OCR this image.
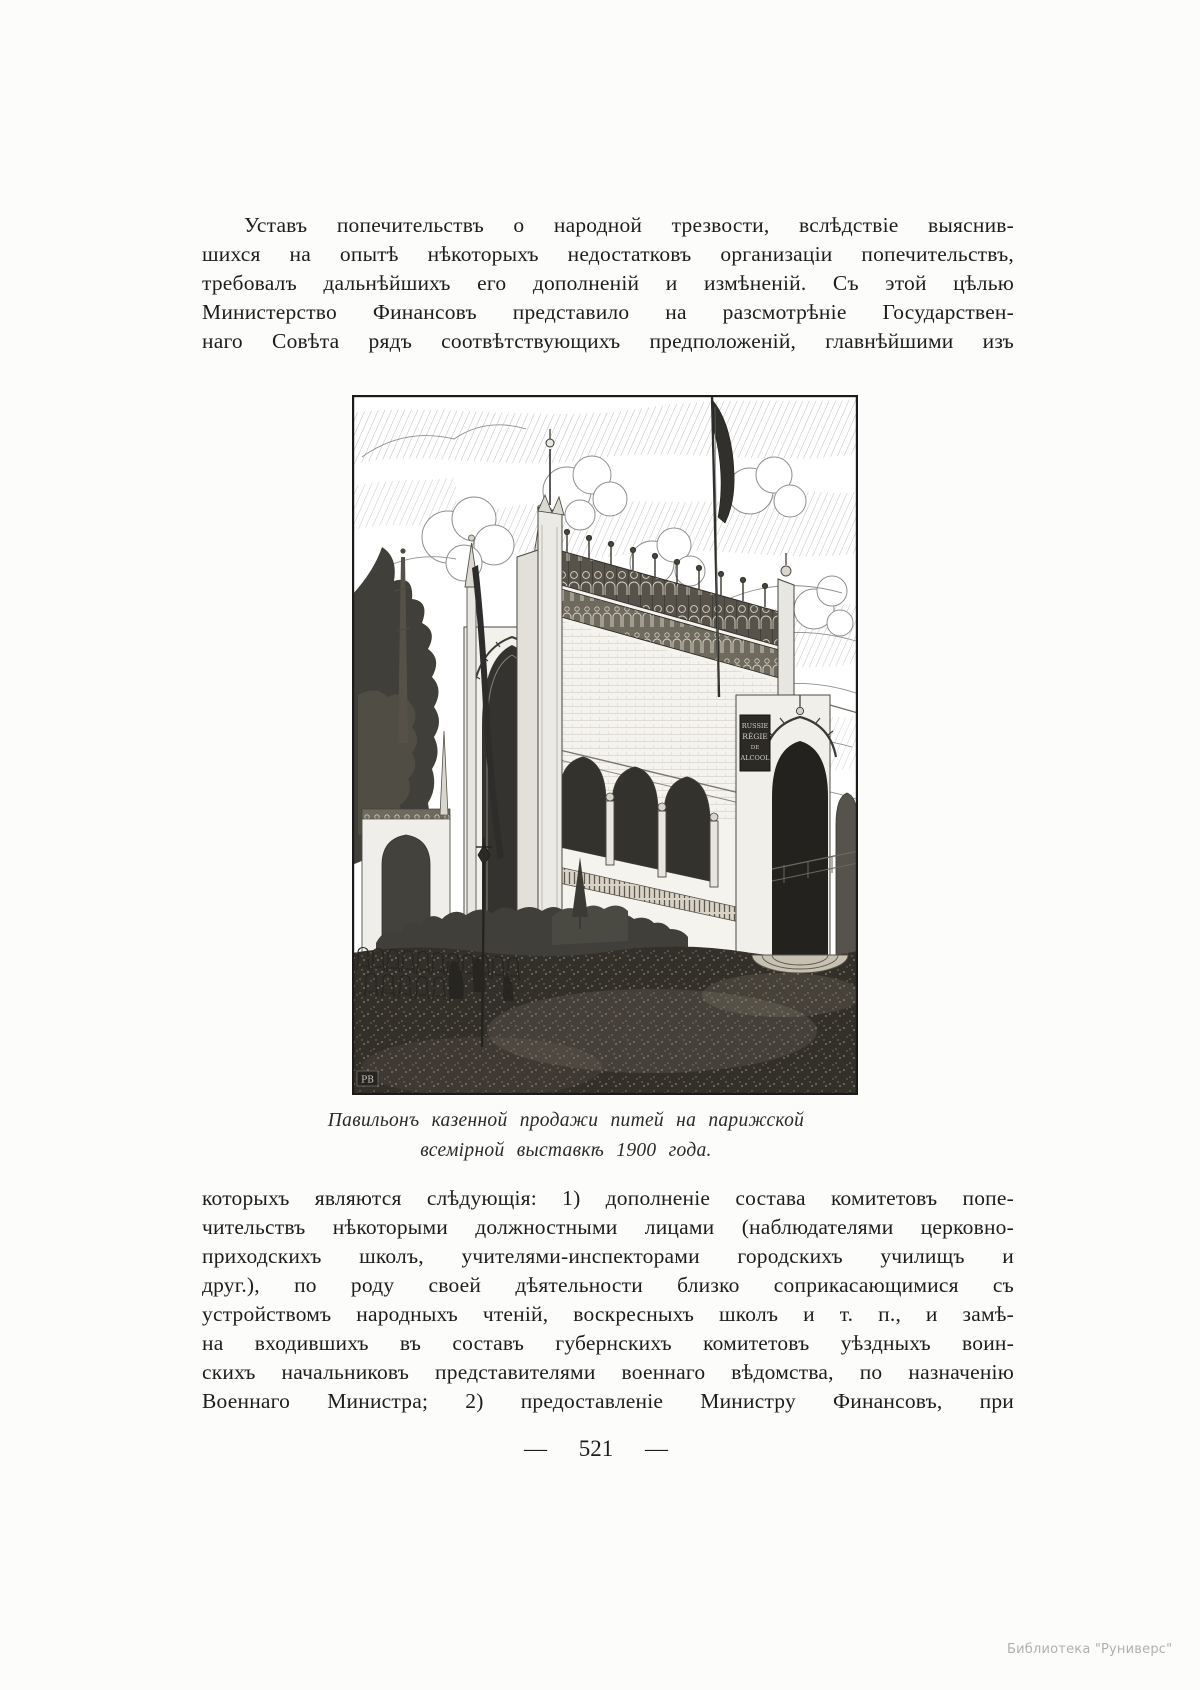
Уставъ попечительствъ о народной трезвости, вслѣдствіе выяснив-
шихся на опытѣ нѣкоторыхъ недостатковъ организаціи попечительствъ,
требовалъ дальнѣйшихъ его дополненій и измѣненій. Съ этой цѣлью
Министерство Финансовъ представило на разсмотрѣніе Государствен-
наго Совѣта рядъ соотвѣтствующихъ предположеній, главнѣйшими изъ
RUSSIE
RÉGIE
DE
ALCOOL
PB
Павильонъ казенной продажи питей на парижской
всемірной выставкѣ 1900 года.
которыхъ являются слѣдующія: 1) дополненіе состава комитетовъ попе-
чительствъ нѣкоторыми должностными лицами (наблюдателями церковно-
приходскихъ школъ, учителями-инспекторами городскихъ училищъ и
друг.), по роду своей дѣятельности близко соприкасающимися съ
устройствомъ народныхъ чтеній, воскресныхъ школъ и т. п., и замѣ-
на входившихъ въ составъ губернскихъ комитетовъ уѣздныхъ воин-
скихъ начальниковъ представителями военнаго вѣдомства, по назначенію
Военнаго Министра; 2) предоставленіе Министру Финансовъ, при
— 521 —
Библиотека "Руниверс"
